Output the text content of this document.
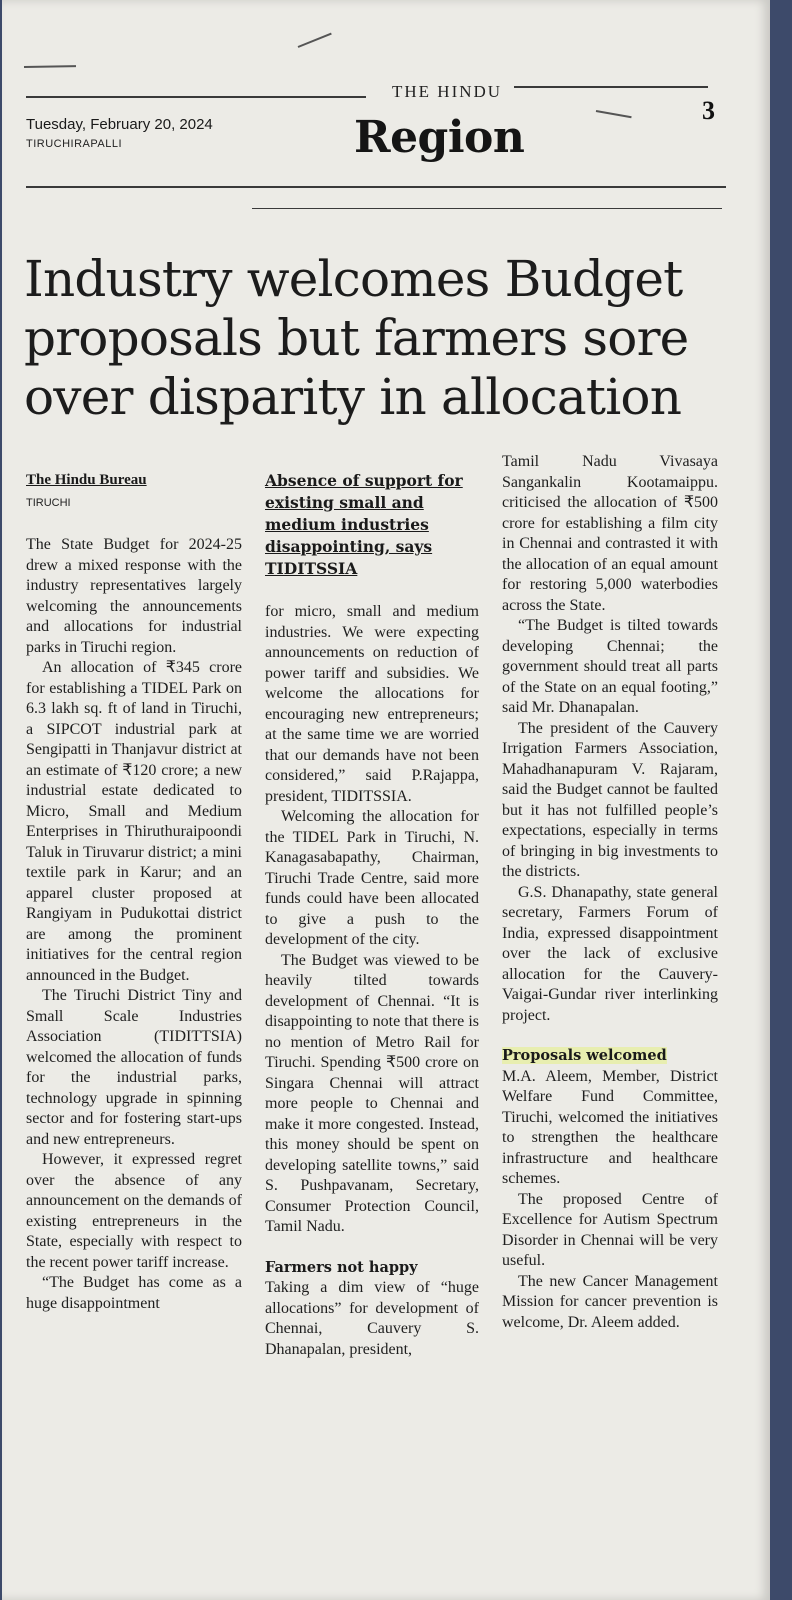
THE HINDU
Region
3
Tuesday, February 20, 2024
TIRUCHIRAPALLI
Industry welcomes Budget proposals but farmers sore over disparity in allocation
The Hindu Bureau
TIRUCHI

The State Budget for 2024-25 drew a mixed response with the industry representatives largely welcoming the announcements and allocations for industrial parks in Tiruchi region.

An allocation of ₹345 crore for establishing a TIDEL Park on 6.3 lakh sq. ft of land in Tiruchi, a SIPCOT industrial park at Sengipatti in Thanjavur district at an estimate of ₹120 crore; a new industrial estate dedicated to Micro, Small and Medium Enterprises in Thiruthuraipoondi Taluk in Tiruvarur district; a mini textile park in Karur; and an apparel cluster proposed at Rangiyam in Pudukottai district are among the prominent initiatives for the central region announced in the Budget.

The Tiruchi District Tiny and Small Scale Industries Association (TIDITTSIA) welcomed the allocation of funds for the industrial parks, technology upgrade in spinning sector and for fostering start-ups and new entrepreneurs.

However, it expressed regret over the absence of any announcement on the demands of existing entrepreneurs in the State, especially with respect to the recent power tariff increase.

“The Budget has come as a huge disappointment

Absence of support for existing small and medium industries disappointing, says TIDITSSIA

for micro, small and medium industries. We were expecting announcements on reduction of power tariff and subsidies. We welcome the allocations for encouraging new entrepreneurs; at the same time we are worried that our demands have not been considered,” said P.Rajappa, president, TIDITSSIA.

Welcoming the allocation for the TIDEL Park in Tiruchi, N. Kanagasabapathy, Chairman, Tiruchi Trade Centre, said more funds could have been allocated to give a push to the development of the city.

The Budget was viewed to be heavily tilted towards development of Chennai. “It is disappointing to note that there is no mention of Metro Rail for Tiruchi. Spending ₹500 crore on Singara Chennai will attract more people to Chennai and make it more congested. Instead, this money should be spent on developing satellite towns,” said S. Pushpavanam, Secretary, Consumer Protection Council, Tamil Nadu.

Farmers not happy

Taking a dim view of “huge allocations” for development of Chennai, Cauvery S. Dhanapalan, president,

Tamil Nadu Vivasaya Sangankalin Kootamaippu. criticised the allocation of ₹500 crore for establishing a film city in Chennai and contrasted it with the allocation of an equal amount for restoring 5,000 waterbodies across the State.

“The Budget is tilted towards developing Chennai; the government should treat all parts of the State on an equal footing,” said Mr. Dhanapalan.

The president of the Cauvery Irrigation Farmers Association, Mahadhanapuram V. Rajaram, said the Budget cannot be faulted but it has not fulfilled people’s expectations, especially in terms of bringing in big investments to the districts.

G.S. Dhanapathy, state general secretary, Farmers Forum of India, expressed disappointment over the lack of exclusive allocation for the Cauvery-Vaigai-Gundar river interlinking project.

Proposals welcomed

M.A. Aleem, Member, District Welfare Fund Committee, Tiruchi, welcomed the initiatives to strengthen the healthcare infrastructure and healthcare schemes.

The proposed Centre of Excellence for Autism Spectrum Disorder in Chennai will be very useful.

The new Cancer Management Mission for cancer prevention is welcome, Dr. Aleem added.
